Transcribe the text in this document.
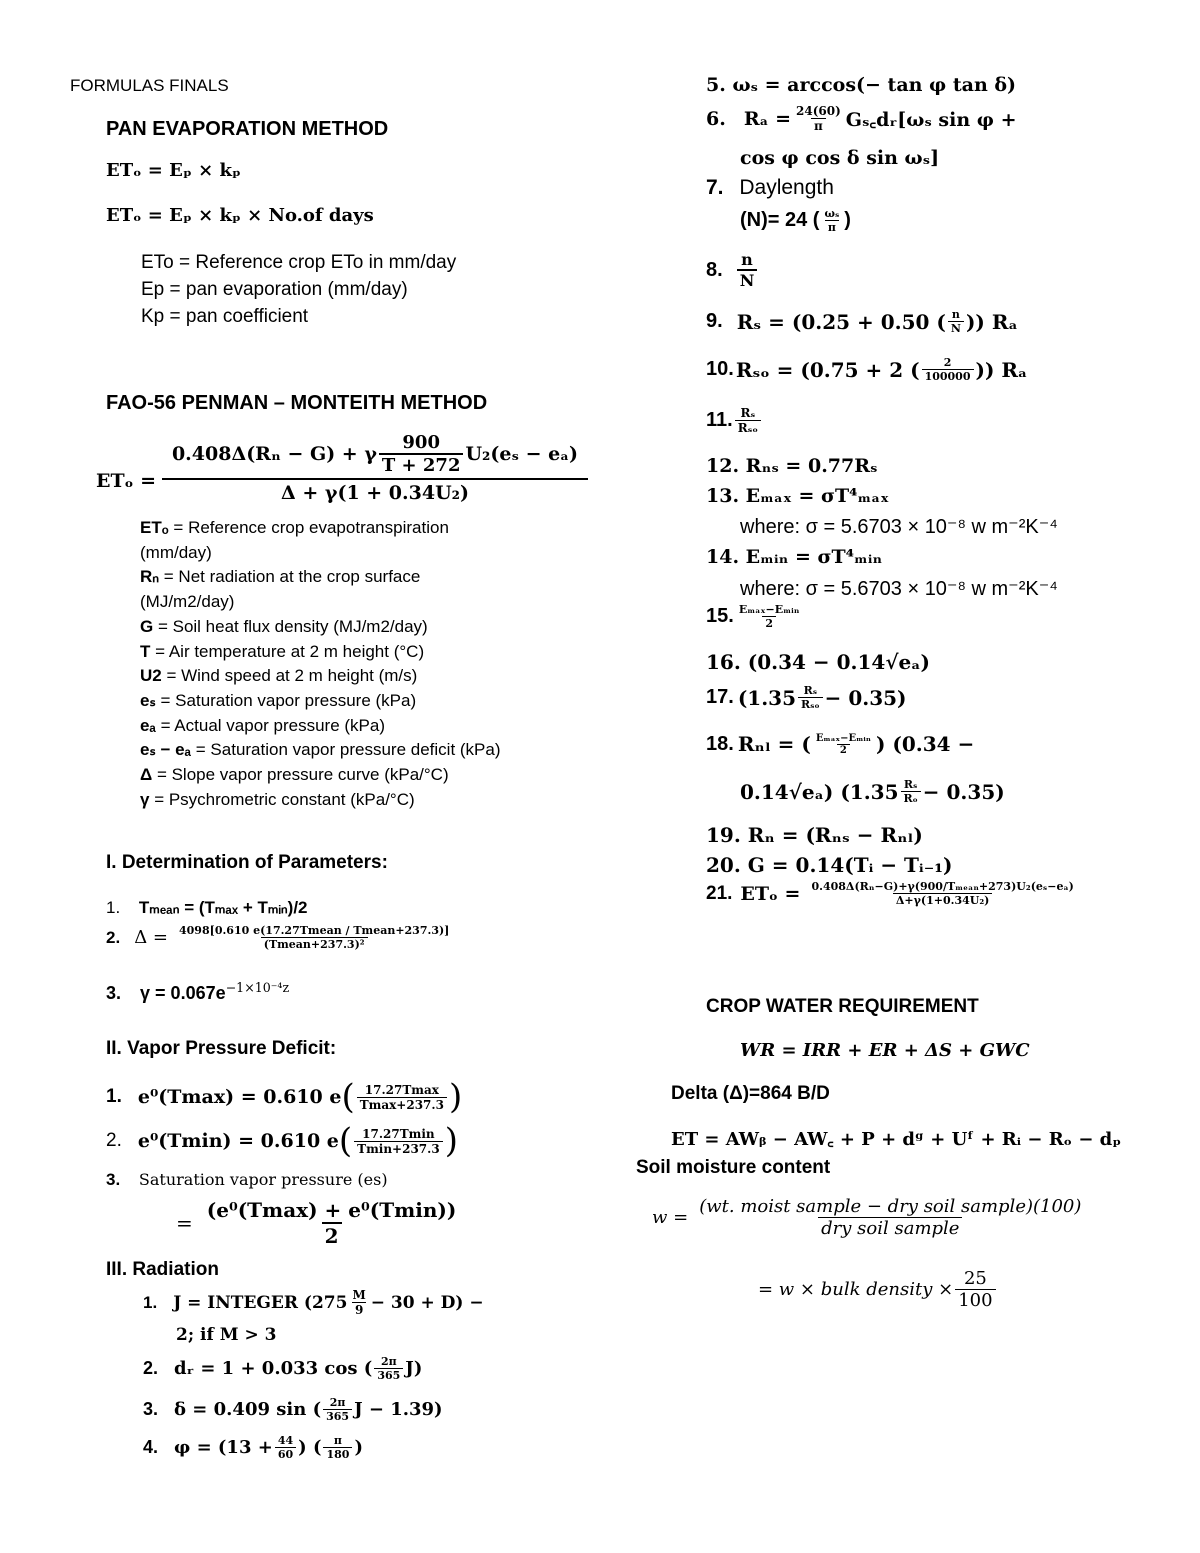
FORMULAS FINALS
PAN EVAPORATION METHOD
ETₒ = Eₚ × kₚ
ETₒ = Eₚ × kₚ × No.of days
ETo = Reference crop ETo in mm/day
Ep = pan evaporation (mm/day)
Kp = pan coefficient
FAO-56 PENMAN – MONTEITH METHOD
ETₒ =
0.408Δ(Rₙ − G) + γ $\frac{900}{T + 272} U_2(e_s - e_a)$
Δ + γ(1 + 0.34U₂)
ETₒ = Reference crop evapotranspiration
(mm/day)
Rₙ = Net radiation at the crop surface
(MJ/m2/day)
G = Soil heat flux density (MJ/m2/day)
T = Air temperature at 2 m height (°C)
U2 = Wind speed at 2 m height (m/s)
eₛ = Saturation vapor pressure (kPa)
eₐ = Actual vapor pressure (kPa)
eₛ − eₐ = Saturation vapor pressure deficit (kPa)
Δ = Slope vapor pressure curve (kPa/°C)
γ = Psychrometric constant (kPa/°C)
I. Determination of Parameters:
1. Tₘₑₐₙ = (Tₘₐₓ + Tₘᵢₙ)/2
2. $\Delta = \frac{\text{4098[0.610 e(17.27Tmean / Tmean+237.3)]}}{\text{(Tmean+237.3)²}}$
3. $\gamma = 0.067e^{-1\times 10^{-4}z}$
II. Vapor Pressure Deficit:
1. e⁰(Tmax) = 0.610 e ( $\frac{17.27Tmax}{Tmax+237.3}$ )
2. e⁰(Tmin) = 0.610 e ( $\frac{17.27Tmin}{Tmin+237.3}$ )
3. Saturation vapor pressure (es)
= $\frac{\text{(e⁰(Tmax) + e⁰(Tmin))}}{2}$
III. Radiation
1. J = INTEGER $(275 \frac{M}{9} - 30 + D)$ −
2; if M > 3
2. dᵣ = 1 + 0.033 cos ( $\frac{2\pi}{365} J$)
3. δ = 0.409 sin ( $\frac{2\pi}{365}$ J − 1.39)
4. $\varphi = (13 + \frac{44}{60}$ ) ( $\frac{\pi}{180}$ )
5. ωₛ = arccos(− tan φ tan δ)
6. $R_a = \frac{24(60)}{\pi}$ Gₛ꜀dᵣ[ωₛ sin φ +
cos φ cos δ sin ωₛ]
7. Daylength
(N)= 24 ( $\frac{\text{ωₛ}}{\pi}$ )
8. $\frac{n}{N}$
9. Rₛ = (0.25 + 0.50 ( $\frac{n}{N}$ )) Rₐ
10. Rₛₒ = (0.75 + 2 ( $\frac{2}{100000}$ )) Rₐ
11. $\frac{\text{Rₛ}}{\text{Rₛₒ}}$
12. Rₙₛ = 0.77Rₛ
13. Eₘₐₓ = σT⁴ₘₐₓ
where: σ = 5.6703 × 10⁻⁸ w m⁻²K⁻⁴
14. Eₘᵢₙ = σT⁴ₘᵢₙ
where: σ = 5.6703 × 10⁻⁸ w m⁻²K⁻⁴
15. $\frac{\text{Eₘₐₓ−Eₘᵢₙ}}{2}$
16. (0.34 − 0.14√eₐ)
17. $(1.35 \frac{\text{Rₛ}}{\text{Rₛₒ}} - 0.35)$
18. Rₙₗ = ( $\frac{\text{Eₘₐₓ−Eₘᵢₙ}}{2}$ ) (0.34 −
0.14√eₐ) $(1.35 \frac{\text{Rₛ}}{\text{Rₒ}} - 0.35)$
19. Rₙ = (Rₙₛ − Rₙₗ)
20. G = 0.14(Tᵢ − Tᵢ₋₁)
21. $ET_o = \frac{\text{0.408Δ(Rₙ−G)+γ(900/Tₘₑₐₙ+273)U₂(eₛ−eₐ)}}{\text{Δ+γ(1+0.34U₂)}}$
CROP WATER REQUIREMENT
WR = IRR + ER + ΔS + GWC
Delta (Δ)=864 B/D
ET = AWᵦ − AW꜀ + P + dᵍ + Uᶠ + Rᵢ − Rₒ − dₚ
Soil moisture content
$w = \frac{\text{(wt. moist sample − dry soil sample)(100)}}{\text{dry soil sample}}$
= w × bulk density × $\frac{25}{100}$
